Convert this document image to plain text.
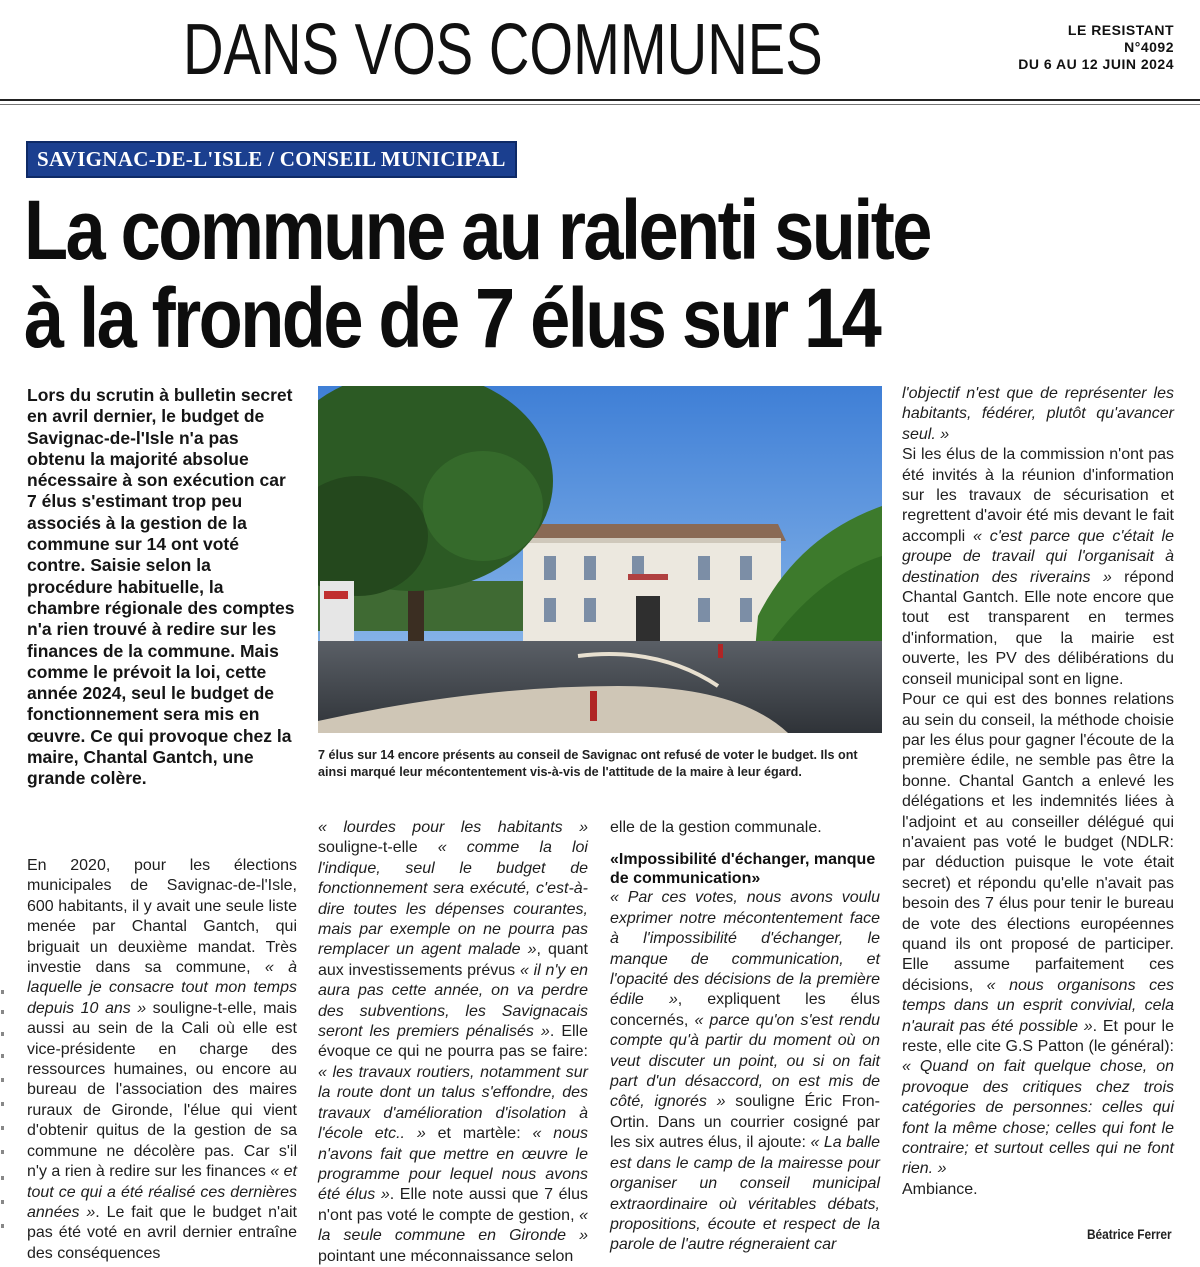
DANS VOS COMMUNES	LE RESISTANT
N°4092
DU 6 AU 12 JUIN 2024
SAVIGNAC-DE-L'ISLE / CONSEIL MUNICIPAL
La commune au ralenti suite
à la fronde de 7 élus sur 14
Lors du scrutin à bulletin secret en avril dernier, le budget de Savignac-de-l'Isle n'a pas obtenu la majorité absolue nécessaire à son exécution car 7 élus s'estimant trop peu associés à la gestion de la commune sur 14 ont voté contre. Saisie selon la procédure habituelle, la chambre régionale des comptes n'a rien trouvé à redire sur les finances de la commune. Mais comme le prévoit la loi, cette année 2024, seul le budget de fonctionnement sera mis en œuvre. Ce qui provoque chez la maire, Chantal Gantch, une grande colère.
7 élus sur 14 encore présents au conseil de Savignac ont refusé de voter le budget. Ils ont ainsi marqué leur mécontentement vis-à-vis de l'attitude de la maire à leur égard.

En 2020, pour les élections municipales de Savignac-de-l'Isle, 600 habitants, il y avait une seule liste menée par Chantal Gantch, qui briguait un deuxième mandat. Très investie dans sa commune, « à laquelle je consacre tout mon temps depuis 10 ans » souligne-t-elle, mais aussi au sein de la Cali où elle est vice-présidente en charge des ressources humaines, ou encore au bureau de l'association des maires ruraux de Gironde, l'élue qui vient d'obtenir quitus de la gestion de sa commune ne décolère pas. Car s'il n'y a rien à redire sur les finances « et tout ce qui a été réalisé ces dernières années ». Le fait que le budget n'ait pas été voté en avril dernier entraîne des conséquences

« lourdes pour les habitants » souligne-t-elle « comme la loi l'indique, seul le budget de fonctionnement sera exécuté, c'est-à-dire toutes les dépenses courantes, mais par exemple on ne pourra pas remplacer un agent malade », quant aux investissements prévus « il n'y en aura pas cette année, on va perdre des subventions, les Savignacais seront les premiers pénalisés ». Elle évoque ce qui ne pourra pas se faire: « les travaux routiers, notamment sur la route dont un talus s'effondre, des travaux d'amélioration d'isolation à l'école etc.. » et martèle: « nous n'avons fait que mettre en œuvre le programme pour lequel nous avons été élus ». Elle note aussi que 7 élus n'ont pas voté le compte de gestion, « la seule commune en Gironde » pointant une méconnaissance selon

elle de la gestion communale.

«Impossibilité d'échanger, manque de communication»

« Par ces votes, nous avons voulu exprimer notre mécontentement face à l'impossibilité d'échanger, le manque de communication, et l'opacité des décisions de la première édile », expliquent les élus concernés, « parce qu'on s'est rendu compte qu'à partir du moment où on veut discuter un point, ou si on fait part d'un désaccord, on est mis de côté, ignorés » souligne Éric Fron-Ortin. Dans un courrier cosigné par les six autres élus, il ajoute: « La balle est dans le camp de la mairesse pour organiser un conseil municipal extraordinaire où véritables débats, propositions, écoute et respect de la parole de l'autre régneraient car

l'objectif n'est que de représenter les habitants, fédérer, plutôt qu'avancer seul. »

Si les élus de la commission n'ont pas été invités à la réunion d'information sur les travaux de sécurisation et regrettent d'avoir été mis devant le fait accompli « c'est parce que c'était le groupe de travail qui l'organisait à destination des riverains » répond Chantal Gantch. Elle note encore que tout est transparent en termes d'information, que la mairie est ouverte, les PV des délibérations du conseil municipal sont en ligne.

Pour ce qui est des bonnes relations au sein du conseil, la méthode choisie par les élus pour gagner l'écoute de la première édile, ne semble pas être la bonne. Chantal Gantch a enlevé les délégations et les indemnités liées à l'adjoint et au conseiller délégué qui n'avaient pas voté le budget (NDLR: par déduction puisque le vote était secret) et répondu qu'elle n'avait pas besoin des 7 élus pour tenir le bureau de vote des élections européennes quand ils ont proposé de participer. Elle assume parfaitement ces décisions, « nous organisons ces temps dans un esprit convivial, cela n'aurait pas été possible ». Et pour le reste, elle cite G.S Patton (le général): « Quand on fait quelque chose, on provoque des critiques chez trois catégories de personnes: celles qui font la même chose; celles qui font le contraire; et surtout celles qui ne font rien. »

Ambiance.

Béatrice Ferrer
